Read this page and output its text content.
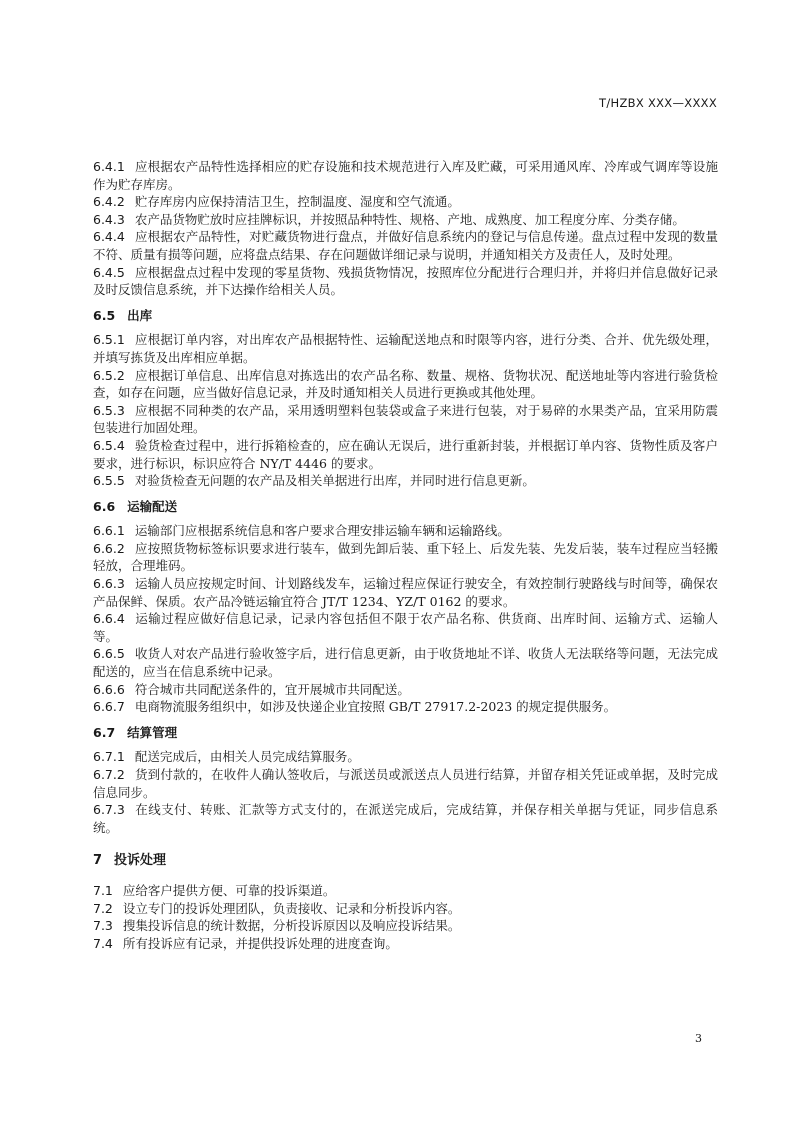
T/HZBX XXX—XXXX
6.4.1 应根据农产品特性选择相应的贮存设施和技术规范进行入库及贮藏，可采用通风库、冷库或气调库等设施作为贮存库房。
6.4.2 贮存库房内应保持清洁卫生，控制温度、湿度和空气流通。
6.4.3 农产品货物贮放时应挂牌标识，并按照品种特性、规格、产地、成熟度、加工程度分库、分类存储。
6.4.4 应根据农产品特性，对贮藏货物进行盘点，并做好信息系统内的登记与信息传递。盘点过程中发现的数量不符、质量有损等问题，应将盘点结果、存在问题做详细记录与说明，并通知相关方及责任人，及时处理。
6.4.5 应根据盘点过程中发现的零星货物、残损货物情况，按照库位分配进行合理归并，并将归并信息做好记录及时反馈信息系统，并下达操作给相关人员。
6.5 出库
6.5.1 应根据订单内容，对出库农产品根据特性、运输配送地点和时限等内容，进行分类、合并、优先级处理，并填写拣货及出库相应单据。
6.5.2 应根据订单信息、出库信息对拣选出的农产品名称、数量、规格、货物状况、配送地址等内容进行验货检查，如存在问题，应当做好信息记录，并及时通知相关人员进行更换或其他处理。
6.5.3 应根据不同种类的农产品，采用透明塑料包装袋或盒子来进行包装，对于易碎的水果类产品，宜采用防震包装进行加固处理。
6.5.4 验货检查过程中，进行拆箱检查的，应在确认无误后，进行重新封装，并根据订单内容、货物性质及客户要求，进行标识，标识应符合 NY/T 4446 的要求。
6.5.5 对验货检查无问题的农产品及相关单据进行出库，并同时进行信息更新。
6.6 运输配送
6.6.1 运输部门应根据系统信息和客户要求合理安排运输车辆和运输路线。
6.6.2 应按照货物标签标识要求进行装车，做到先卸后装、重下轻上、后发先装、先发后装，装车过程应当轻搬轻放，合理堆码。
6.6.3 运输人员应按规定时间、计划路线发车，运输过程应保证行驶安全，有效控制行驶路线与时间等，确保农产品保鲜、保质。农产品冷链运输宜符合 JT/T 1234、YZ/T 0162 的要求。
6.6.4 运输过程应做好信息记录，记录内容包括但不限于农产品名称、供货商、出库时间、运输方式、运输人等。
6.6.5 收货人对农产品进行验收签字后，进行信息更新，由于收货地址不详、收货人无法联络等问题，无法完成配送的，应当在信息系统中记录。
6.6.6 符合城市共同配送条件的，宜开展城市共同配送。
6.6.7 电商物流服务组织中，如涉及快递企业宜按照 GB/T 27917.2-2023 的规定提供服务。
6.7 结算管理
6.7.1 配送完成后，由相关人员完成结算服务。
6.7.2 货到付款的，在收件人确认签收后，与派送员或派送点人员进行结算，并留存相关凭证或单据，及时完成信息同步。
6.7.3 在线支付、转账、汇款等方式支付的，在派送完成后，完成结算，并保存相关单据与凭证，同步信息系统。
7 投诉处理
7.1 应给客户提供方便、可靠的投诉渠道。
7.2 设立专门的投诉处理团队，负责接收、记录和分析投诉内容。
7.3 搜集投诉信息的统计数据，分析投诉原因以及响应投诉结果。
7.4 所有投诉应有记录，并提供投诉处理的进度查询。
3
